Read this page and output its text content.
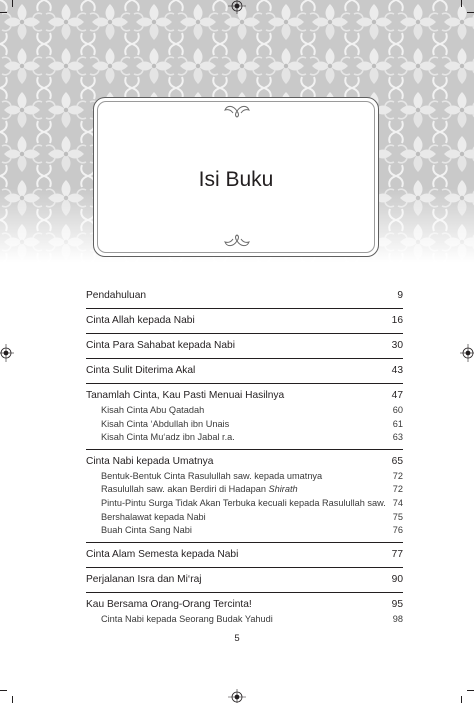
Isi Buku
Pendahuluan	9
Cinta Allah kepada Nabi	16
Cinta Para Sahabat kepada Nabi	30
Cinta Sulit Diterima Akal	43
Tanamlah Cinta, Kau Pasti Menuai Hasilnya	47
Kisah Cinta Abu Qatadah	60
Kisah Cinta ‘Abdullah ibn Unais	61
Kisah Cinta Mu‘adz ibn Jabal r.a.	63
Cinta Nabi kepada Umatnya	65
Bentuk-Bentuk Cinta Rasulullah saw. kepada umatnya	72
Rasulullah saw. akan Berdiri di Hadapan Shirath	72
Pintu-Pintu Surga Tidak Akan Terbuka kecuali kepada Rasulullah saw. 74
Bershalawat kepada Nabi	75
Buah Cinta Sang Nabi	76
Cinta Alam Semesta kepada Nabi	77
Perjalanan Isra dan Mi‘raj	90
Kau Bersama Orang-Orang Tercinta!	95
Cinta Nabi kepada Seorang Budak Yahudi	98
5
